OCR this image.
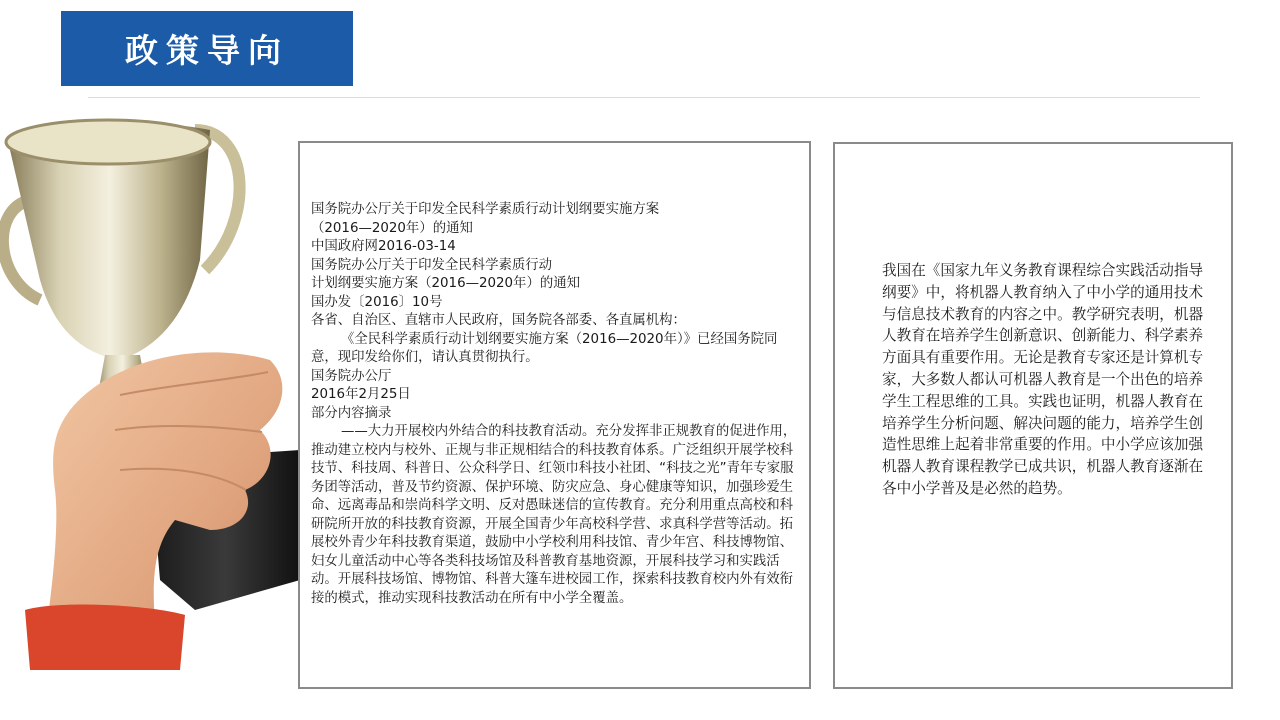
政策导向

国务院办公厅关于印发全民科学素质行动计划纲要实施方案

（2016—2020年）的通知

中国政府网2016-03-14

国务院办公厅关于印发全民科学素质行动

计划纲要实施方案（2016—2020年）的通知

国办发〔2016〕10号

各省、自治区、直辖市人民政府，国务院各部委、各直属机构：

《全民科学素质行动计划纲要实施方案（2016—2020年）》已经国务院同意，现印发给你们，请认真贯彻执行。

国务院办公厅

2016年2月25日

部分内容摘录

——大力开展校内外结合的科技教育活动。充分发挥非正规教育的促进作用，推动建立校内与校外、正规与非正规相结合的科技教育体系。广泛组织开展学校科技节、科技周、科普日、公众科学日、红领巾科技小社团、“科技之光”青年专家服务团等活动，普及节约资源、保护环境、防灾应急、身心健康等知识，加强珍爱生命、远离毒品和崇尚科学文明、反对愚昧迷信的宣传教育。充分利用重点高校和科研院所开放的科技教育资源，开展全国青少年高校科学营、求真科学营等活动。拓展校外青少年科技教育渠道，鼓励中小学校利用科技馆、青少年宫、科技博物馆、妇女儿童活动中心等各类科技场馆及科普教育基地资源，开展科技学习和实践活动。开展科技场馆、博物馆、科普大篷车进校园工作，探索科技教育校内外有效衔接的模式，推动实现科技教活动在所有中小学全覆盖。

我国在《国家九年义务教育课程综合实践活动指导纲要》中，将机器人教育纳入了中小学的通用技术与信息技术教育的内容之中。教学研究表明，机器人教育在培养学生创新意识、创新能力、科学素养方面具有重要作用。无论是教育专家还是计算机专家，大多数人都认可机器人教育是一个出色的培养学生工程思维的工具。实践也证明，机器人教育在培养学生分析问题、解决问题的能力，培养学生创造性思维上起着非常重要的作用。中小学应该加强机器人教育课程教学已成共识，机器人教育逐渐在各中小学普及是必然的趋势。
